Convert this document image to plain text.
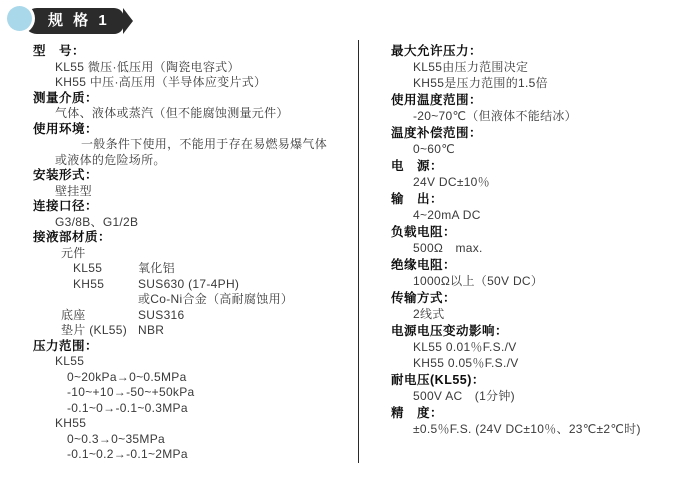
规 格 1
型　号：
KL55 微压·低压用（陶瓷电容式）
KH55 中压·高压用（半导体应变片式）
测量介质：
气体、液体或蒸汽（但不能腐蚀测量元件）
使用环境：
一般条件下使用，不能用于存在易燃易爆气体
或液体的危险场所。
安装形式：
壁挂型
连接口径：
G3/8B、G1/2B
接液部材质：
元件
KL55	氧化铝
KH55	SUS630 (17-4PH)
或Co-Ni合金（高耐腐蚀用）
底座	SUS316
垫片 (KL55) NBR
压力范围：
KL55
0~20kPa→0~0.5MPa
-10~+10→-50~+50kPa
-0.1~0→-0.1~0.3MPa
KH55
0~0.3→0~35MPa
-0.1~0.2→-0.1~2MPa
最大允许压力：
KL55由压力范围决定
KH55是压力范围的1.5倍
使用温度范围：
-20~70℃（但液体不能结冰）
温度补偿范围：
0~60℃
电　源：
24V DC±10％
输　出：
4~20mA DC
负载电阻：
500Ω　max.
绝缘电阻：
1000Ω以上（50V DC）
传输方式：
2线式
电源电压变动影响：
KL55 0.01％F.S./V
KH55 0.05％F.S./V
耐电压(KL55)：
500V AC　(1分钟)
精　度：
±0.5％F.S. (24V DC±10％、23℃±2℃时)
